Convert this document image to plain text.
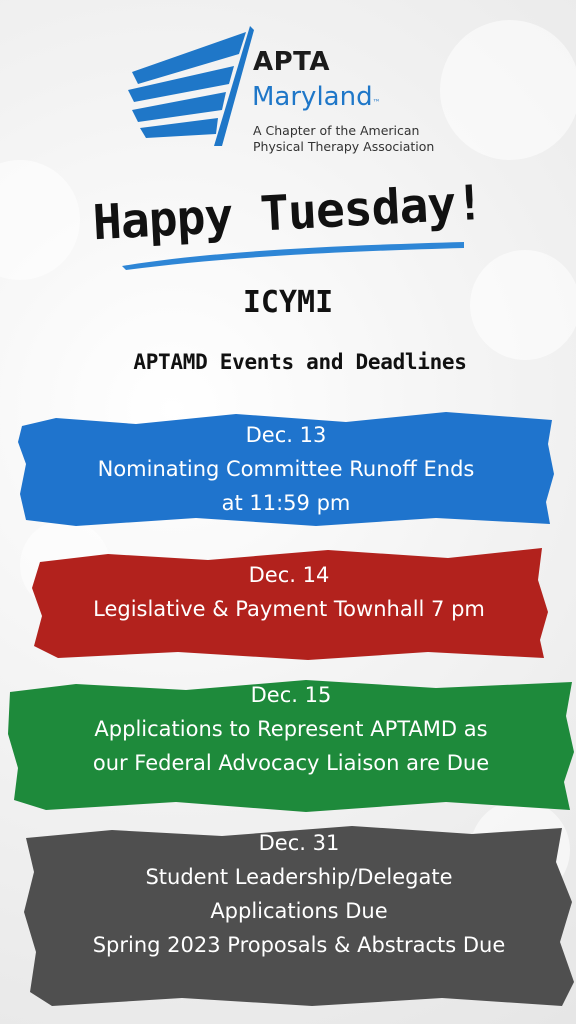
APTA
Maryland™
A Chapter of the American
Physical Therapy Association
Happy Tuesday!
ICYMI
APTAMD Events and Deadlines
Dec. 13
Nominating Committee Runoff Ends
at 11:59 pm
Dec. 14
Legislative & Payment Townhall 7 pm
Dec. 15
Applications to Represent APTAMD as
our Federal Advocacy Liaison are Due
Dec. 31
Student Leadership/Delegate
Applications Due
Spring 2023 Proposals & Abstracts Due
